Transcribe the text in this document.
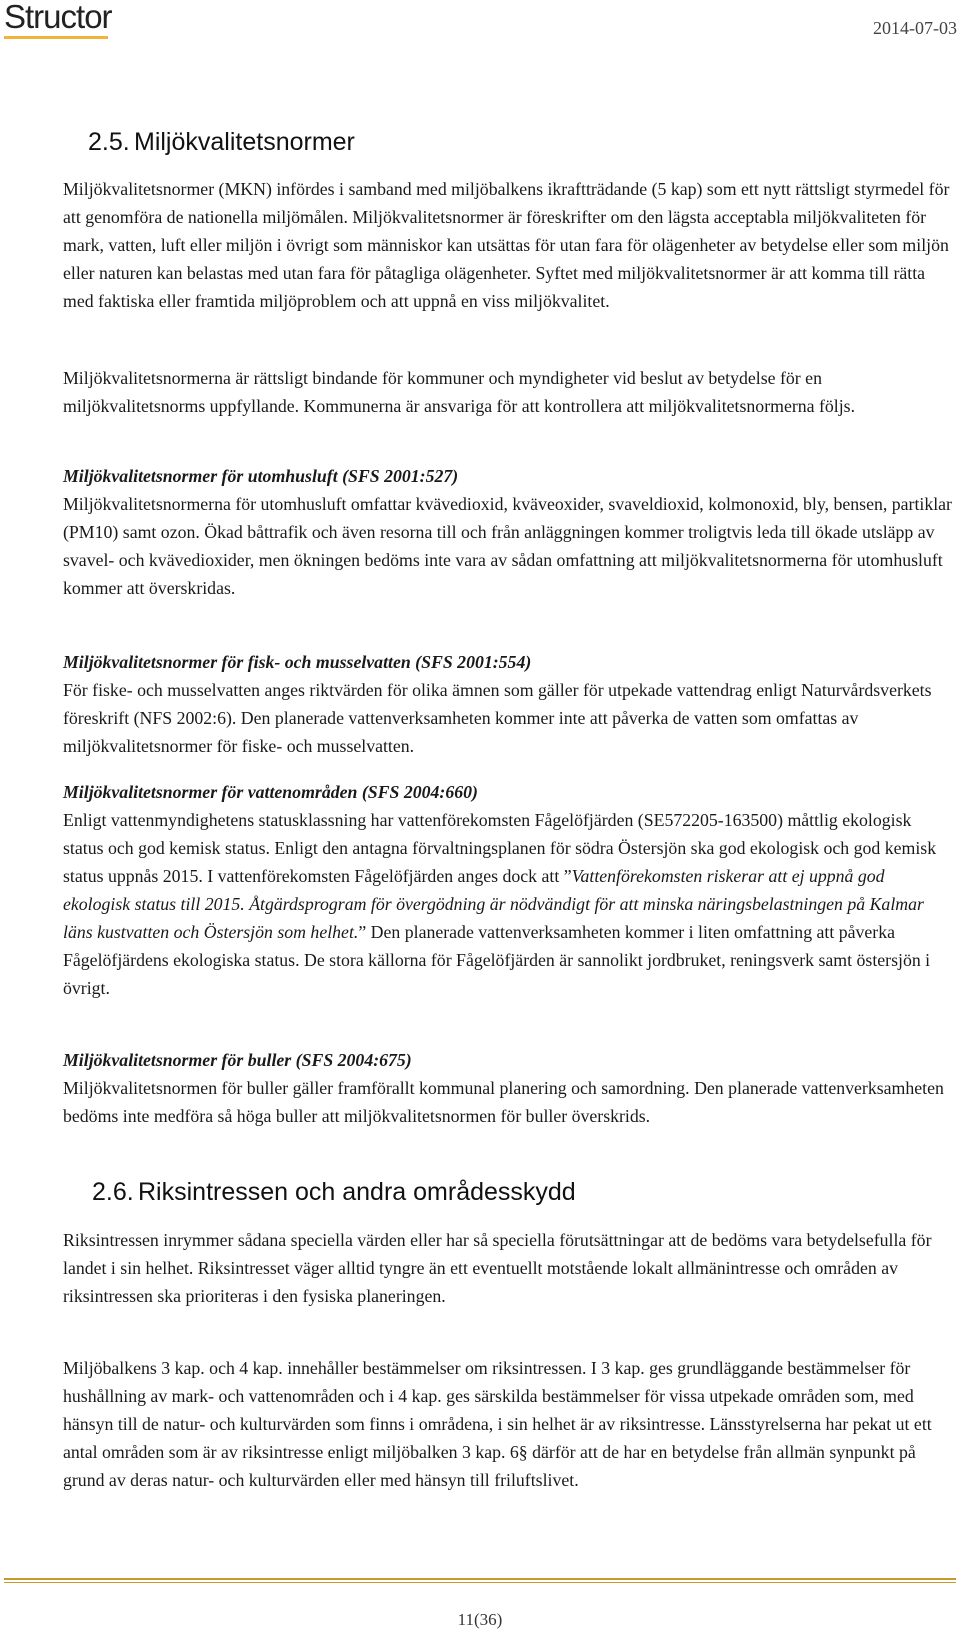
Structor	2014-07-03
2.5. Miljökvalitetsnormer

Miljökvalitetsnormer (MKN) infördes i samband med miljöbalkens ikraftträdande (5 kap) som ett nytt rättsligt styrmedel för att genomföra de nationella miljömålen. Miljökvalitetsnormer är föreskrifter om den lägsta acceptabla miljökvaliteten för mark, vatten, luft eller miljön i övrigt som människor kan utsättas för utan fara för olägenheter av betydelse eller som miljön eller naturen kan belastas med utan fara för påtagliga olägenheter. Syftet med miljökvalitetsnormer är att komma till rätta med faktiska eller framtida miljöproblem och att uppnå en viss miljökvalitet.

Miljökvalitetsnormerna är rättsligt bindande för kommuner och myndigheter vid beslut av betydelse för en miljökvalitetsnorms uppfyllande. Kommunerna är ansvariga för att kontrollera att miljökvalitetsnormerna följs.

Miljökvalitetsnormer för utomhusluft (SFS 2001:527)

Miljökvalitetsnormerna för utomhusluft omfattar kvävedioxid, kväveoxider, svaveldioxid, kolmonoxid, bly, bensen, partiklar (PM10) samt ozon. Ökad båttrafik och även resorna till och från anläggningen kommer troligtvis leda till ökade utsläpp av svavel- och kvävedioxider, men ökningen bedöms inte vara av sådan omfattning att miljökvalitetsnormerna för utomhusluft kommer att överskridas.

Miljökvalitetsnormer för fisk- och musselvatten (SFS 2001:554)

För fiske- och musselvatten anges riktvärden för olika ämnen som gäller för utpekade vattendrag enligt Naturvårdsverkets föreskrift (NFS 2002:6). Den planerade vattenverksamheten kommer inte att påverka de vatten som omfattas av miljökvalitetsnormer för fiske- och musselvatten.

Miljökvalitetsnormer för vattenområden (SFS 2004:660)

Enligt vattenmyndighetens statusklassning har vattenförekomsten Fågelöfjärden (SE572205-163500) måttlig ekologisk status och god kemisk status. Enligt den antagna förvaltningsplanen för södra Östersjön ska god ekologisk och god kemisk status uppnås 2015. I vattenförekomsten Fågelöfjärden anges dock att ”Vattenförekomsten riskerar att ej uppnå god ekologisk status till 2015. Åtgärdsprogram för övergödning är nödvändigt för att minska näringsbelastningen på Kalmar läns kustvatten och Östersjön som helhet.” Den planerade vattenverksamheten kommer i liten omfattning att påverka Fågelöfjärdens ekologiska status. De stora källorna för Fågelöfjärden är sannolikt jordbruket, reningsverk samt östersjön i övrigt.

Miljökvalitetsnormer för buller (SFS 2004:675)

Miljökvalitetsnormen för buller gäller framförallt kommunal planering och samordning. Den planerade vattenverksamheten bedöms inte medföra så höga buller att miljökvalitetsnormen för buller överskrids.

2.6. Riksintressen och andra områdesskydd

Riksintressen inrymmer sådana speciella värden eller har så speciella förutsättningar att de bedöms vara betydelsefulla för landet i sin helhet. Riksintresset väger alltid tyngre än ett eventuellt motstående lokalt allmänintresse och områden av riksintressen ska prioriteras i den fysiska planeringen.

Miljöbalkens 3 kap. och 4 kap. innehåller bestämmelser om riksintressen. I 3 kap. ges grundläggande bestämmelser för hushållning av mark- och vattenområden och i 4 kap. ges särskilda bestämmelser för vissa utpekade områden som, med hänsyn till de natur- och kulturvärden som finns i områdena, i sin helhet är av riksintresse. Länsstyrelserna har pekat ut ett antal områden som är av riksintresse enligt miljöbalken 3 kap. 6§ därför att de har en betydelse från allmän synpunkt på grund av deras natur- och kulturvärden eller med hänsyn till friluftslivet.

11(36)
